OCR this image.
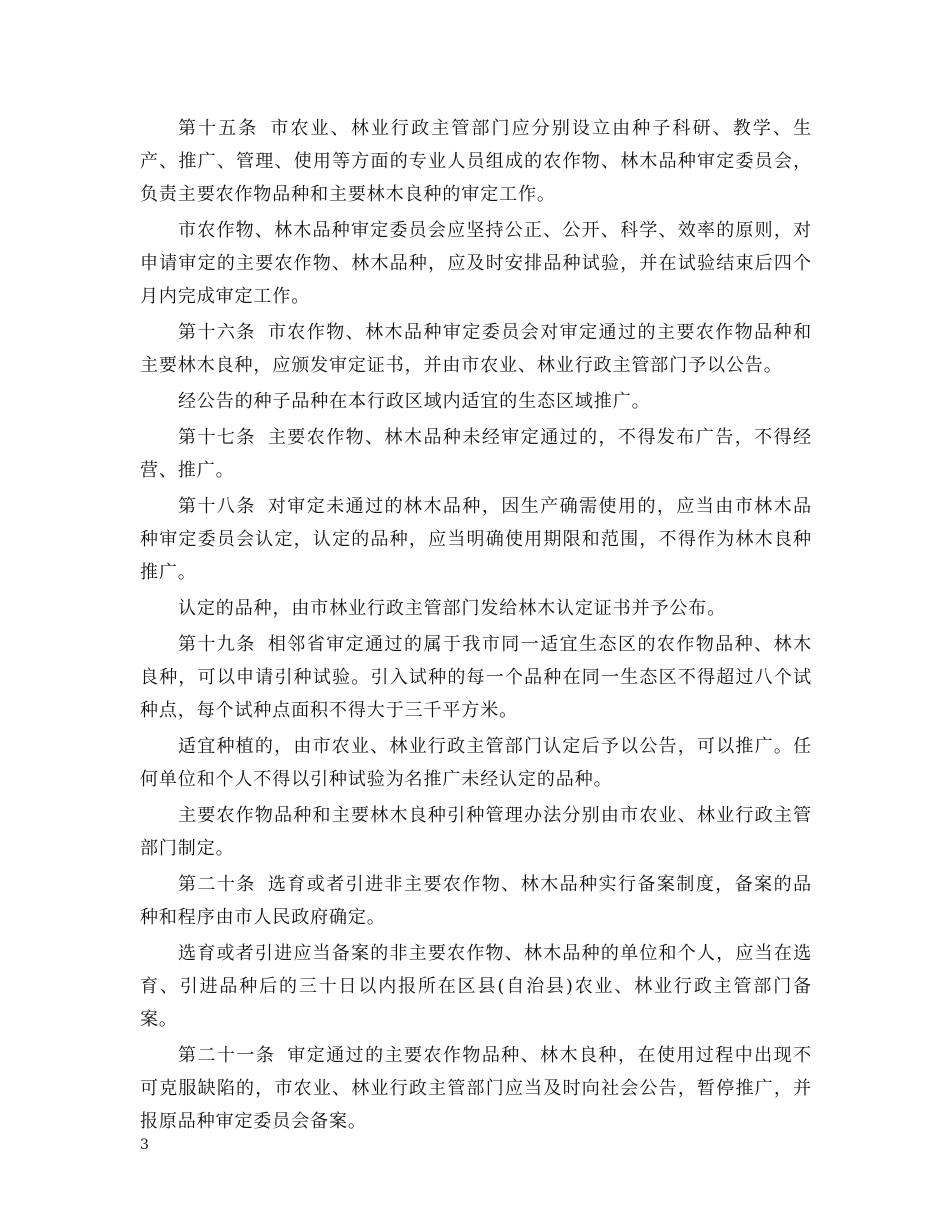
第十五条 市农业、林业行政主管部门应分别设立由种子科研、教学、生产、推广、管理、使用等方面的专业人员组成的农作物、林木品种审定委员会，负责主要农作物品种和主要林木良种的审定工作。

市农作物、林木品种审定委员会应坚持公正、公开、科学、效率的原则，对申请审定的主要农作物、林木品种，应及时安排品种试验，并在试验结束后四个月内完成审定工作。

第十六条 市农作物、林木品种审定委员会对审定通过的主要农作物品种和主要林木良种，应颁发审定证书，并由市农业、林业行政主管部门予以公告。

经公告的种子品种在本行政区域内适宜的生态区域推广。

第十七条 主要农作物、林木品种未经审定通过的，不得发布广告，不得经营、推广。

第十八条 对审定未通过的林木品种，因生产确需使用的，应当由市林木品种审定委员会认定，认定的品种，应当明确使用期限和范围，不得作为林木良种推广。

认定的品种，由市林业行政主管部门发给林木认定证书并予公布。

第十九条 相邻省审定通过的属于我市同一适宜生态区的农作物品种、林木良种，可以申请引种试验。引入试种的每一个品种在同一生态区不得超过八个试种点，每个试种点面积不得大于三千平方米。

适宜种植的，由市农业、林业行政主管部门认定后予以公告，可以推广。任何单位和个人不得以引种试验为名推广未经认定的品种。

主要农作物品种和主要林木良种引种管理办法分别由市农业、林业行政主管部门制定。

第二十条 选育或者引进非主要农作物、林木品种实行备案制度，备案的品种和程序由市人民政府确定。

选育或者引进应当备案的非主要农作物、林木品种的单位和个人，应当在选育、引进品种后的三十日以内报所在区县(自治县)农业、林业行政主管部门备案。

第二十一条 审定通过的主要农作物品种、林木良种，在使用过程中出现不可克服缺陷的，市农业、林业行政主管部门应当及时向社会公告，暂停推广，并报原品种审定委员会备案。

3
